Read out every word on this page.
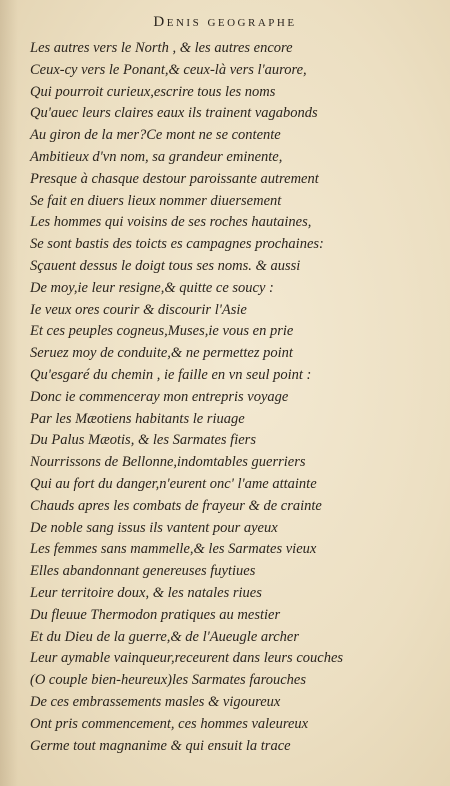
Denis geographe
Les autres vers le North , & les autres encore
Ceux-cy vers le Ponant,& ceux-là vers l'aurore,
Qui pourroit curieux,escrire tous les noms
Qu'auec leurs claires eaux ils trainent vagabonds
Au giron de la mer?Ce mont ne se contente
Ambitieux d'vn nom, sa grandeur eminente,
Presque à chasque destour paroissante autrement
Se fait en diuers lieux nommer diuersement
Les hommes qui voisins de ses roches hautaines,
Se sont bastis des toicts es campagnes prochaines:
Sçauent dessus le doigt tous ses noms. & aussi
De moy,ie leur resigne,& quitte ce soucy :
Ie veux ores courir & discourir l'Asie
Et ces peuples cogneus,Muses,ie vous en prie
Seruez moy de conduite,& ne permettez point
Qu'esgaré du chemin , ie faille en vn seul point :
Donc ie commenceray mon entrepris voyage
Par les Mæotiens habitants le riuage
Du Palus Mæotis, & les Sarmates fiers
Nourrissons de Bellonne,indomtables guerriers
Qui au fort du danger,n'eurent onc' l'ame attainte
Chauds apres les combats de frayeur & de crainte
De noble sang issus ils vantent pour ayeux
Les femmes sans mammelle,& les Sarmates vieux
Elles abandonnant genereuses fuytiues
Leur territoire doux, & les natales riues
Du fleuue Thermodon pratiques au mestier
Et du Dieu de la guerre,& de l'Aueugle archer
Leur aymable vainqueur,receurent dans leurs couches
(O couple bien-heureux)les Sarmates farouches
De ces embrassements masles & vigoureux
Ont pris commencement, ces hommes valeureux
Germe tout magnanime & qui ensuit la trace
